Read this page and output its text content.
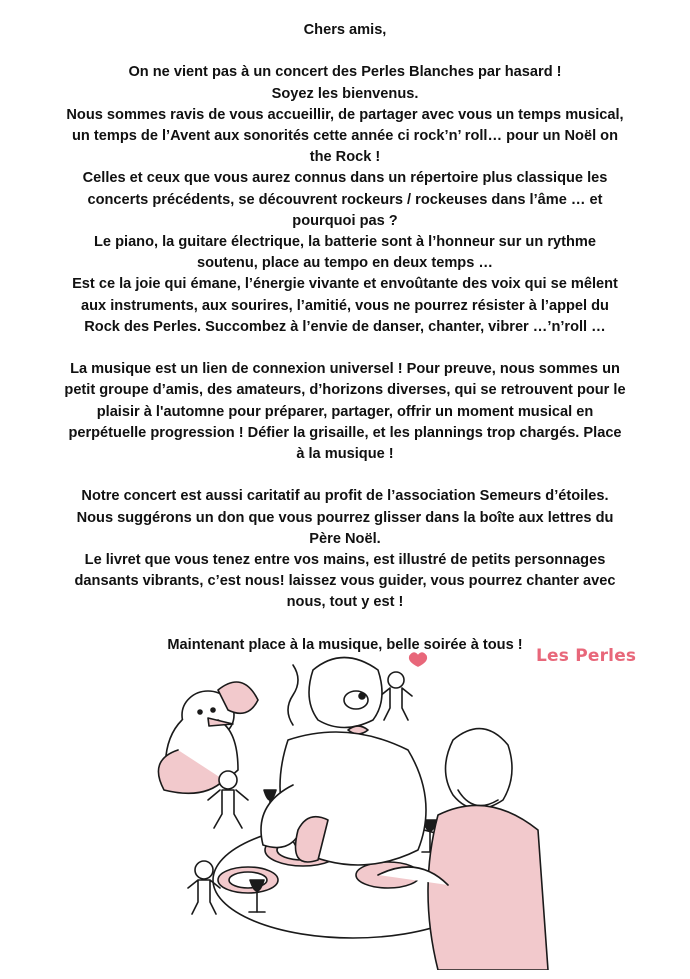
Chers amis,
On ne vient pas à un concert des Perles Blanches par hasard !
Soyez les bienvenus.
Nous sommes ravis de vous accueillir, de partager avec vous un temps musical,
un temps de l’Avent aux sonorités cette année ci rock’n’ roll… pour un Noël on
the Rock !
Celles et ceux que vous aurez connus dans un répertoire plus classique les
concerts précédents, se découvrent rockeurs / rockeuses dans l’âme … et
pourquoi pas ?
Le piano, la guitare électrique, la batterie sont à l’honneur sur un rythme
soutenu, place au tempo en deux temps …
Est ce la joie qui émane, l’énergie vivante et envoûtante des voix qui se mêlent
aux instruments, aux sourires, l’amitié, vous ne pourrez résister à l’appel du
Rock des Perles. Succombez à l’envie de danser, chanter, vibrer …’n’roll …
La musique est un lien de connexion universel ! Pour preuve, nous sommes un
petit groupe d’amis, des amateurs, d’horizons diverses, qui se retrouvent pour le
plaisir à l'automne pour préparer, partager, offrir un moment musical en
perpétuelle progression ! Défier la grisaille, et les plannings trop chargés. Place
à la musique !
Notre concert est aussi caritatif au profit de l’association Semeurs d’étoiles.
Nous suggérons un don que vous pourrez glisser dans la boîte aux lettres du
Père Noël.
Le livret que vous tenez entre vos mains, est illustré de petits personnages
dansants vibrants, c’est nous! laissez vous guider, vous pourrez chanter avec
nous, tout y est !
Maintenant place à la musique, belle soirée à tous !
Les Perles
